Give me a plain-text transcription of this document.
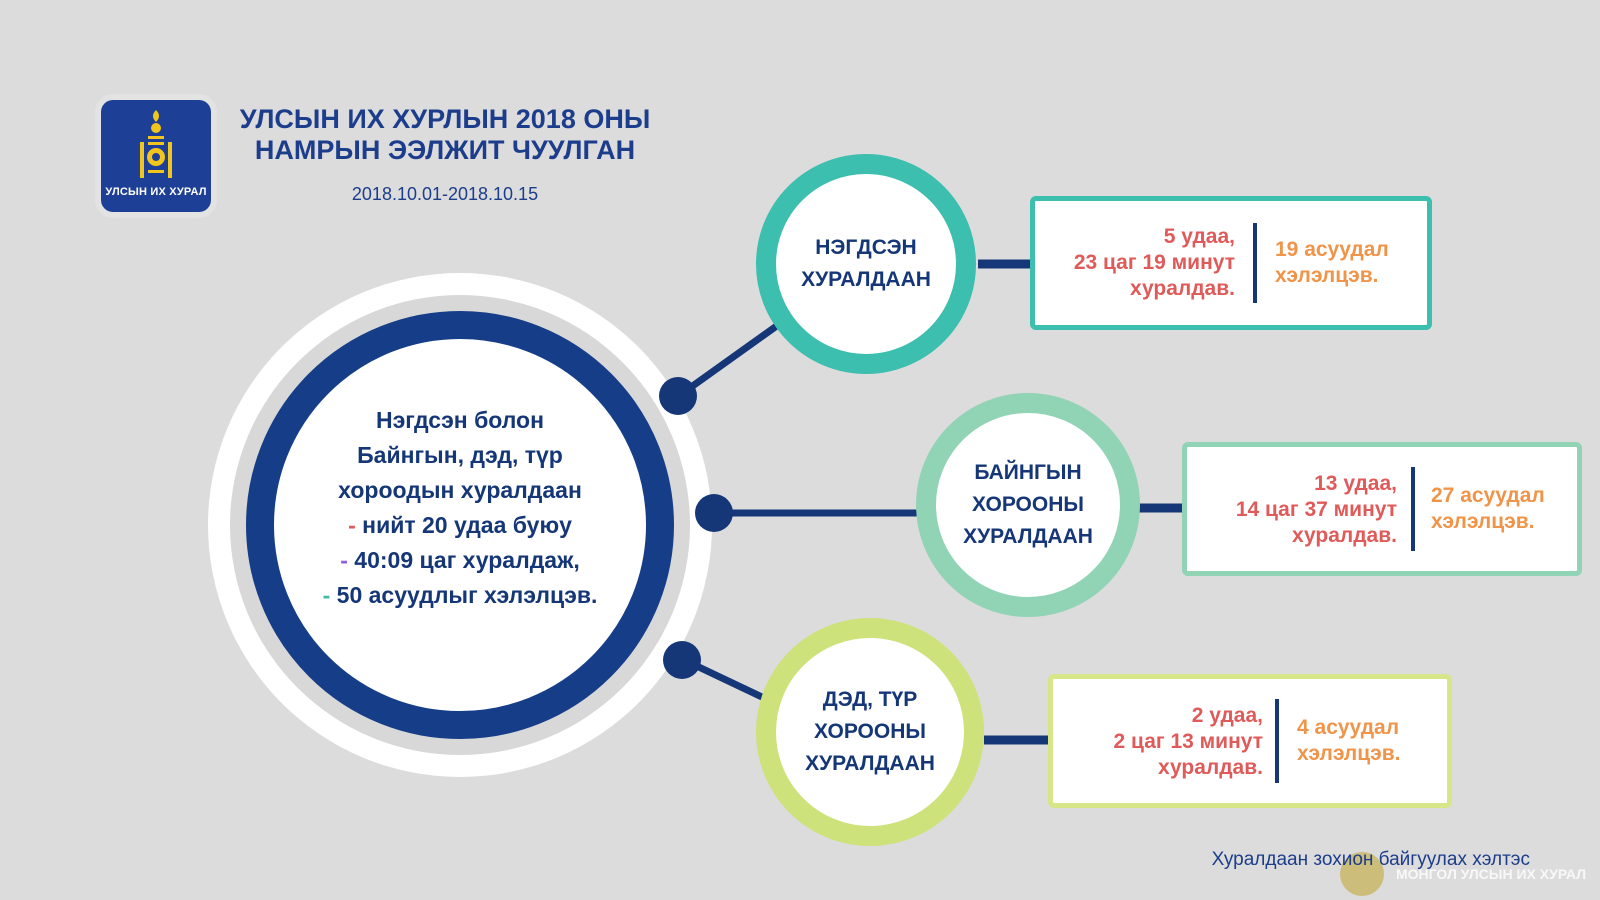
УЛСЫН ИХ ХУРАЛ
УЛСЫН ИХ ХУРЛЫН 2018 ОНЫ
НАМРЫН ЭЭЛЖИТ ЧУУЛГАН
2018.10.01-2018.10.15
Нэгдсэн болон
Байнгын, дэд, түр
хороодын хуралдаан
- нийт 20 удаа буюу
- 40:09 цаг хуралдаж,
- 50 асуудлыг хэлэлцэв.
НЭГДСЭН
ХУРАЛДААН
БАЙНГЫН
ХОРООНЫ
ХУРАЛДААН
ДЭД, ТҮР
ХОРООНЫ
ХУРАЛДААН
5 удаа,
23 цаг 19 минут
хуралдав.
19 асуудал
хэлэлцэв.
13 удаа,
14 цаг 37 минут
хуралдав.
27 асуудал
хэлэлцэв.
2 удаа,
2 цаг 13 минут
хуралдав.
4 асуудал
хэлэлцэв.
Хуралдаан зохион байгуулах хэлтэс
МОНГОЛ УЛСЫН ИХ ХУРАЛ
